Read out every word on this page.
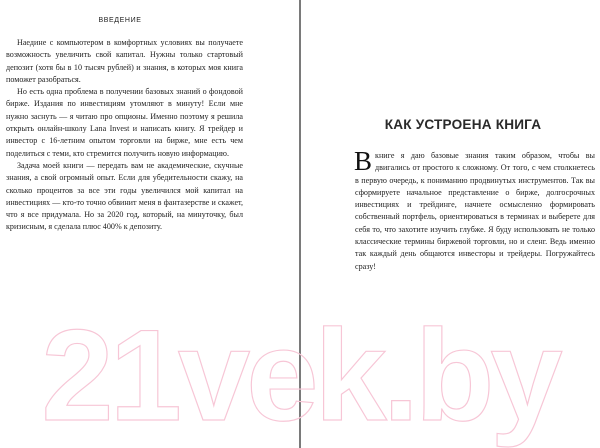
ВВЕДЕНИЕ

Наедине с компьютером в комфортных условиях вы получаете возможность увеличить свой капитал. Нужны только стартовый депозит (хотя бы в 10 тысяч рублей) и знания, в которых моя книга поможет разобраться.

Но есть одна проблема в получении базовых знаний о фондовой бирже. Издания по инвестициям утомляют в минуту! Если мне нужно заснуть — я читаю про опционы. Именно поэтому я решила открыть онлайн-школу Lana Invest и написать книгу. Я трейдер и инвестор с 16-летним опытом торговли на бирже, мне есть чем поделиться с теми, кто стремится получить новую информацию.

Задача моей книги — передать вам не академические, скучные знания, а свой огромный опыт. Если для убедительности скажу, на сколько процентов за все эти годы увеличился мой капитал на инвестициях — кто-то точно обвинит меня в фантазерстве и скажет, что я все придумала. Но за 2020 год, который, на минуточку, был кризисным, я сделала плюс 400% к депозиту.

КАК УСТРОЕНА КНИГА

В книге я даю базовые знания таким образом, чтобы вы двигались от простого к сложному. От того, с чем столкнетесь в первую очередь, к пониманию продвинутых инструментов. Так вы сформируете начальное представление о бирже, долгосрочных инвестициях и трейдинге, начнете осмысленно формировать собственный портфель, ориентироваться в терминах и выберете для себя то, что захотите изучить глубже. Я буду использовать не только классические термины биржевой торговли, но и сленг. Ведь именно так каждый день общаются инвесторы и трейдеры. Погружайтесь сразу!

21vek.by
